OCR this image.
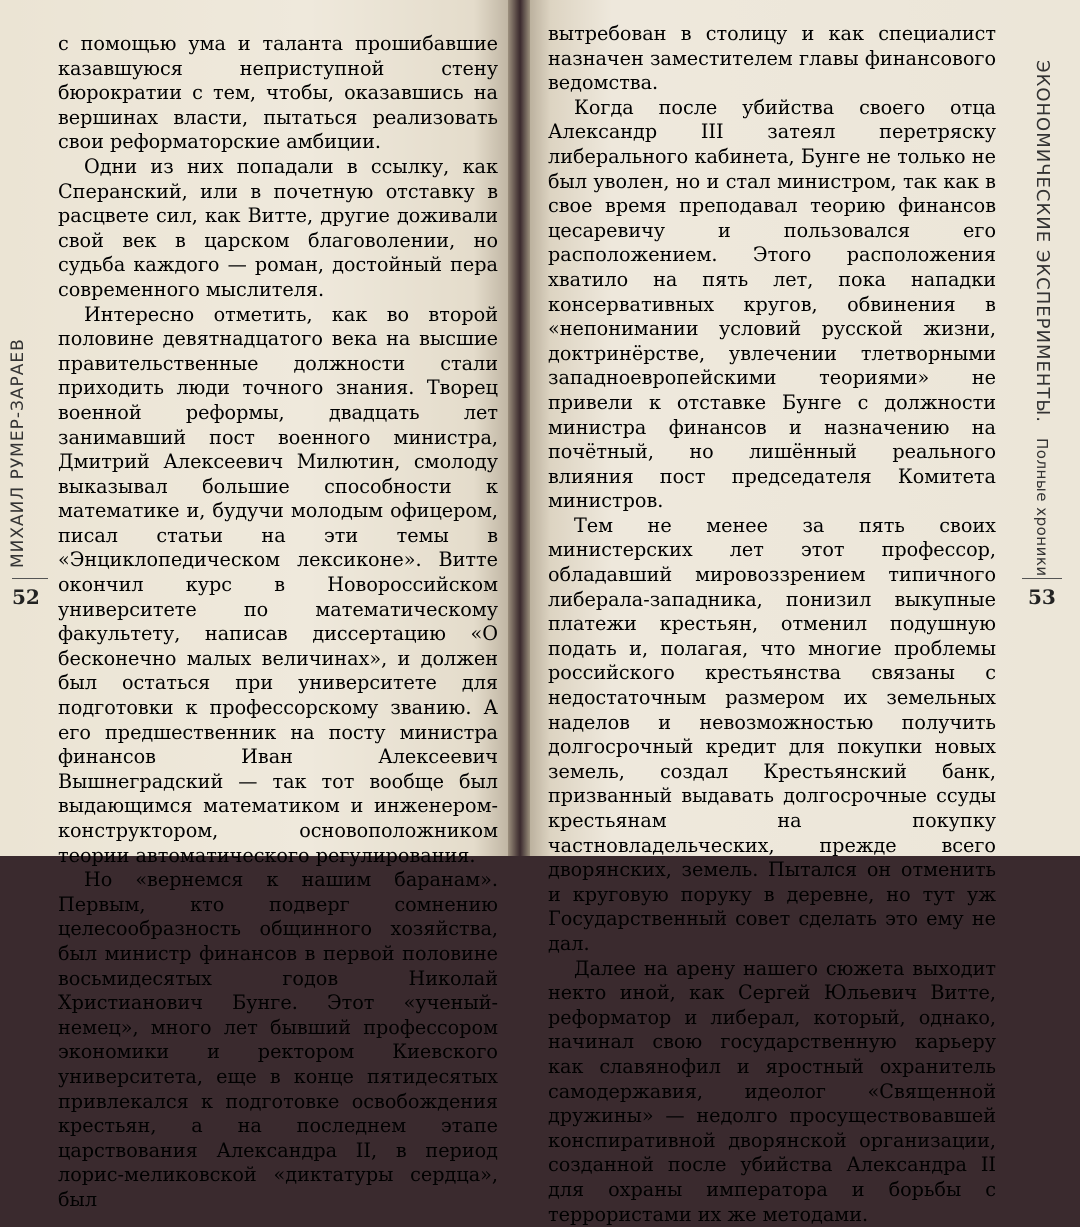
МИХАИЛ РУМЕР-ЗАРАЕВ
52

с помощью ума и таланта прошибавшие казавшуюся неприступной стену бюрократии с тем, чтобы, оказавшись на вершинах власти, пытаться реализовать свои реформаторские амбиции.

Одни из них попадали в ссылку, как Сперанский, или в почетную отставку в расцвете сил, как Витте, другие доживали свой век в царском благоволении, но судьба каждого — роман, достойный пера современного мыслителя.

Интересно отметить, как во второй половине девятнадцатого века на высшие правительственные должности стали приходить люди точного знания. Творец военной реформы, двадцать лет занимавший пост военного министра, Дмитрий Алексеевич Милютин, смолоду выказывал большие способности к математике и, будучи молодым офицером, писал статьи на эти темы в «Энциклопедическом лексиконе». Витте окончил курс в Новороссийском университете по математическому факультету, написав диссертацию «О бесконечно малых величинах», и должен был остаться при университете для подготовки к профессорскому званию. А его предшественник на посту министра финансов Иван Алексеевич Вышнеградский — так тот вообще был выдающимся математиком и инженером-конструктором, основоположником теории автоматического регулирования.

Но «вернемся к нашим баранам». Первым, кто подверг сомнению целесообразность общинного хозяйства, был министр финансов в первой половине восьмидесятых годов Николай Христианович Бунге. Этот «ученый-немец», много лет бывший профессором экономики и ректором Киевского университета, еще в конце пятидесятых привлекался к подготовке освобождения крестьян, а на последнем этапе царствования Александра II, в период лорис-меликовской «диктатуры сердца», был

вытребован в столицу и как специалист назначен заместителем главы финансового ведомства.

Когда после убийства своего отца Александр III затеял перетряску либерального кабинета, Бунге не только не был уволен, но и стал министром, так как в свое время преподавал теорию финансов цесаревичу и пользовался его расположением. Этого расположения хватило на пять лет, пока нападки консервативных кругов, обвинения в «непонимании условий русской жизни, доктринёрстве, увлечении тлетворными западноевропейскими теориями» не привели к отставке Бунге с должности министра финансов и назначению на почётный, но лишённый реального влияния пост председателя Комитета министров.

Тем не менее за пять своих министерских лет этот профессор, обладавший мировоззрением типичного либерала-западника, понизил выкупные платежи крестьян, отменил подушную подать и, полагая, что многие проблемы российского крестьянства связаны с недостаточным размером их земельных наделов и невозможностью получить долгосрочный кредит для покупки новых земель, создал Крестьянский банк, призванный выдавать долгосрочные ссуды крестьянам на покупку частновладельческих, прежде всего дворянских, земель. Пытался он отменить и круговую поруку в деревне, но тут уж Государственный совет сделать это ему не дал.

Далее на арену нашего сюжета выходит некто иной, как Сергей Юльевич Витте, реформатор и либерал, который, однако, начинал свою государственную карьеру как славянофил и яростный охранитель самодержавия, идеолог «Священной дружины» — недолго просуществовавшей конспиративной дворянской организации, созданной после убийства Александра II для охраны императора и борьбы с террористами их же методами.

ЭКОНОМИЧЕСКИЕ ЭКСПЕРИМЕНТЫ. Полные хроники
53
